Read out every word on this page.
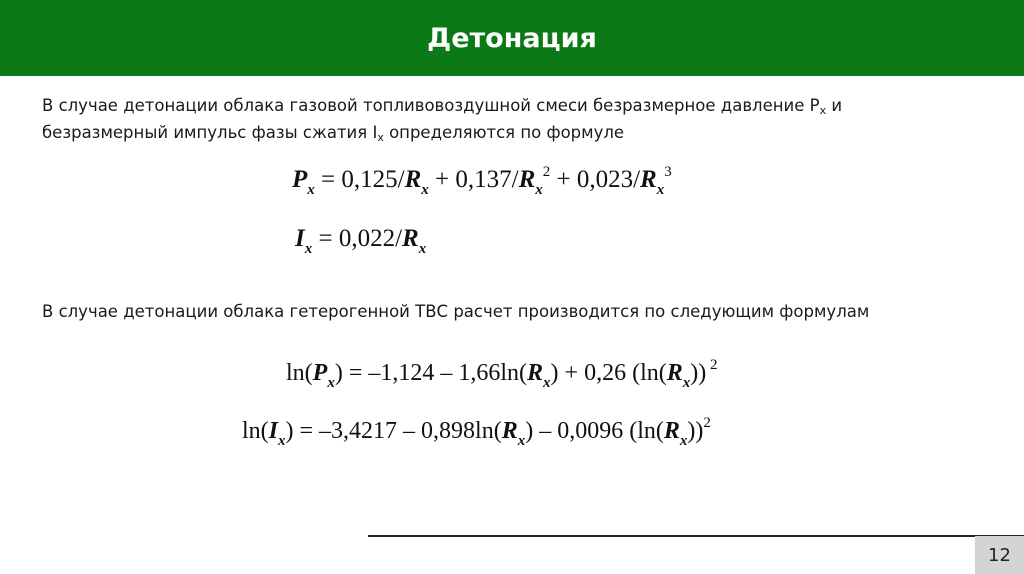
Детонация
В случае детонации облака газовой топливовоздушной смеси безразмерное давление $P_x$ и безразмерный импульс фазы сжатия $I_x$ определяются по формуле
$P_x = 0,125/R_x + 0,137/R_x^2 + 0,023/R_x^3$
$I_x = 0,022/R_x$
В случае детонации облака гетерогенной ТВС расчет производится по следующим формулам
$\ln(P_x) = -1,124 - 1,66\ln(R_x) + 0,26$ $(\ln(R_x))$ $^2$
$\ln(I_x) = -3,4217 - 0,898\ln(R_x) - 0,0096$ $(\ln(R_x))^2$
12
